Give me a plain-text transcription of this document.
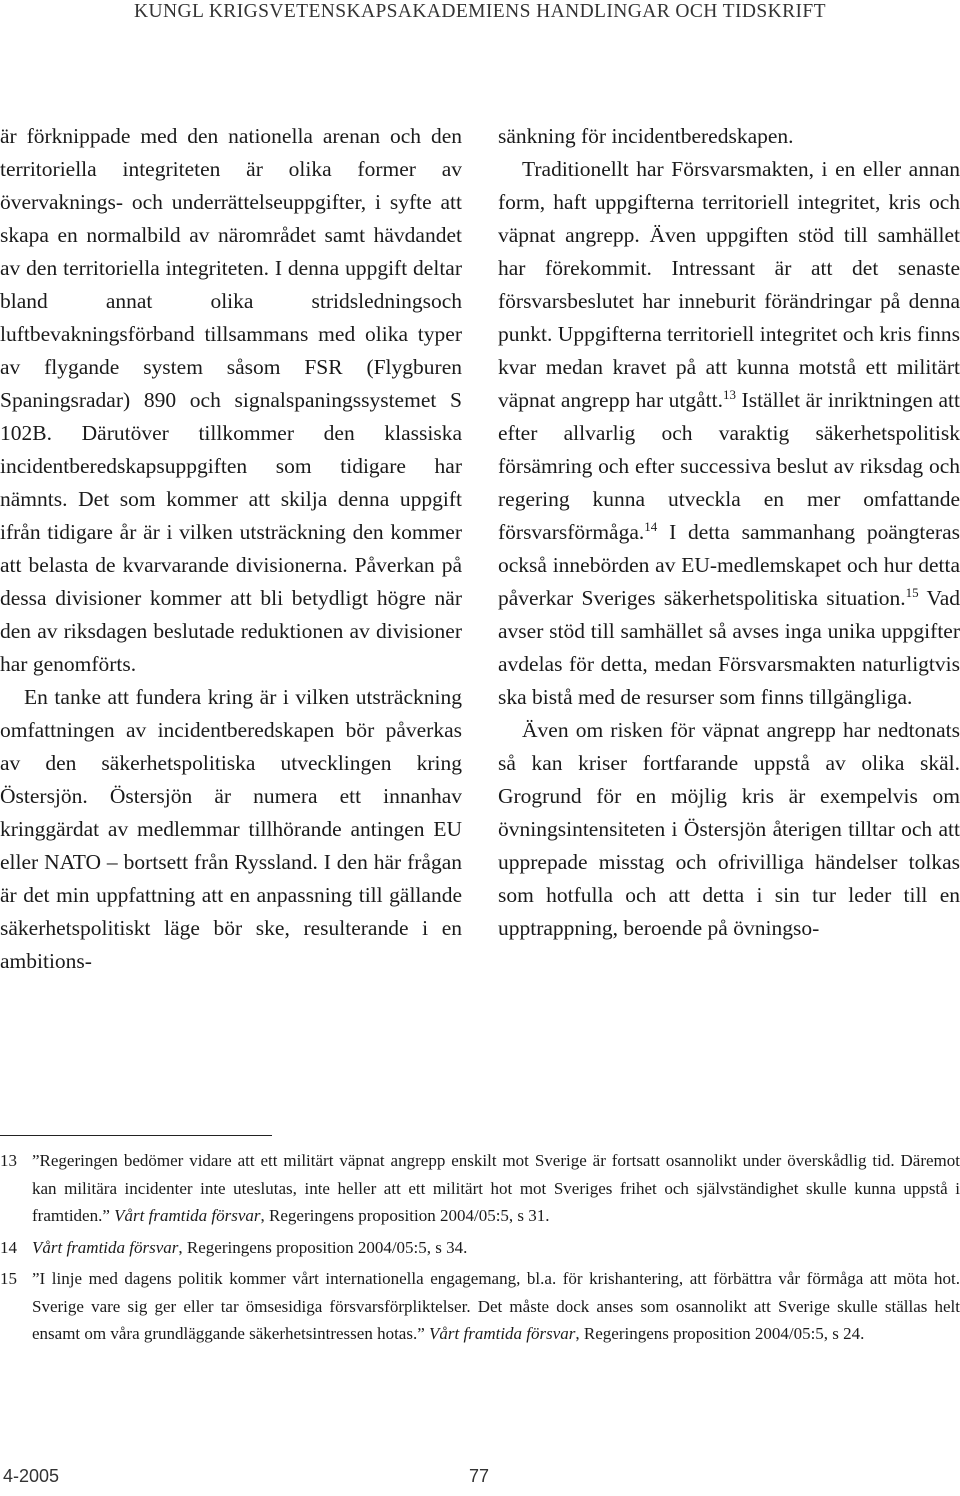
KUNGL KRIGSVETENSKAPSAKADEMIENS HANDLINGAR OCH TIDSKRIFT

är förknippade med den nationella arenan och den territoriella integriteten är olika former av övervaknings- och underrättelseuppgifter, i syfte att skapa en normalbild av närområdet samt hävdandet av den territoriella integriteten. I denna uppgift deltar bland annat olika stridsledningsoch luftbevakningsförband tillsammans med olika typer av flygande system såsom FSR (Flygburen Spaningsradar) 890 och signalspaningssystemet S 102B. Därutöver tillkommer den klassiska incidentberedskapsuppgiften som tidigare har nämnts. Det som kommer att skilja denna uppgift ifrån tidigare år är i vilken utsträckning den kommer att belasta de kvarvarande divisionerna. Påverkan på dessa divisioner kommer att bli betydligt högre när den av riksdagen beslutade reduktionen av divisioner har genomförts.

En tanke att fundera kring är i vilken utsträckning omfattningen av incidentberedskapen bör påverkas av den säkerhetspolitiska utvecklingen kring Östersjön. Östersjön är numera ett innanhav kringgärdat av medlemmar tillhörande antingen EU eller NATO – bortsett från Ryssland. I den här frågan är det min uppfattning att en anpassning till gällande säkerhetspolitiskt läge bör ske, resulterande i en ambitions-

sänkning för incidentberedskapen.

Traditionellt har Försvarsmakten, i en eller annan form, haft uppgifterna territoriell integritet, kris och väpnat angrepp. Även uppgiften stöd till samhället har förekommit. Intressant är att det senaste försvarsbeslutet har inneburit förändringar på denna punkt. Uppgifterna territoriell integritet och kris finns kvar medan kravet på att kunna motstå ett militärt väpnat angrepp har utgått.$^{13}$ Istället är inriktningen att efter allvarlig och varaktig säkerhetspolitisk försämring och efter successiva beslut av riksdag och regering kunna utveckla en mer omfattande försvarsförmåga.$^{14}$ I detta sammanhang poängteras också innebörden av EU-medlemskapet och hur detta påverkar Sveriges säkerhetspolitiska situation.$^{15}$ Vad avser stöd till samhället så avses inga unika uppgifter avdelas för detta, medan Försvarsmakten naturligtvis ska bistå med de resurser som finns tillgängliga.

Även om risken för väpnat angrepp har nedtonats så kan kriser fortfarande uppstå av olika skäl. Grogrund för en möjlig kris är exempelvis om övningsintensiteten i Östersjön återigen tilltar och att upprepade misstag och ofrivilliga händelser tolkas som hotfulla och att detta i sin tur leder till en upptrappning, beroende på övningso-

13 ”Regeringen bedömer vidare att ett militärt väpnat angrepp enskilt mot Sverige är fortsatt osannolikt under överskådlig tid. Däremot kan militära incidenter inte uteslutas, inte heller att ett militärt hot mot Sveriges frihet och självständighet skulle kunna uppstå i framtiden.” Vårt framtida försvar, Regeringens proposition 2004/05:5, s 31.
14 Vårt framtida försvar, Regeringens proposition 2004/05:5, s 34.
15 ”I linje med dagens politik kommer vårt internationella engagemang, bl.a. för krishantering, att förbättra vår förmåga att möta hot. Sverige vare sig ger eller tar ömsesidiga försvarsförpliktelser. Det måste dock anses som osannolikt att Sverige skulle ställas helt ensamt om våra grundläggande säkerhetsintressen hotas.” Vårt framtida försvar, Regeringens proposition 2004/05:5, s 24.
4-2005	77
